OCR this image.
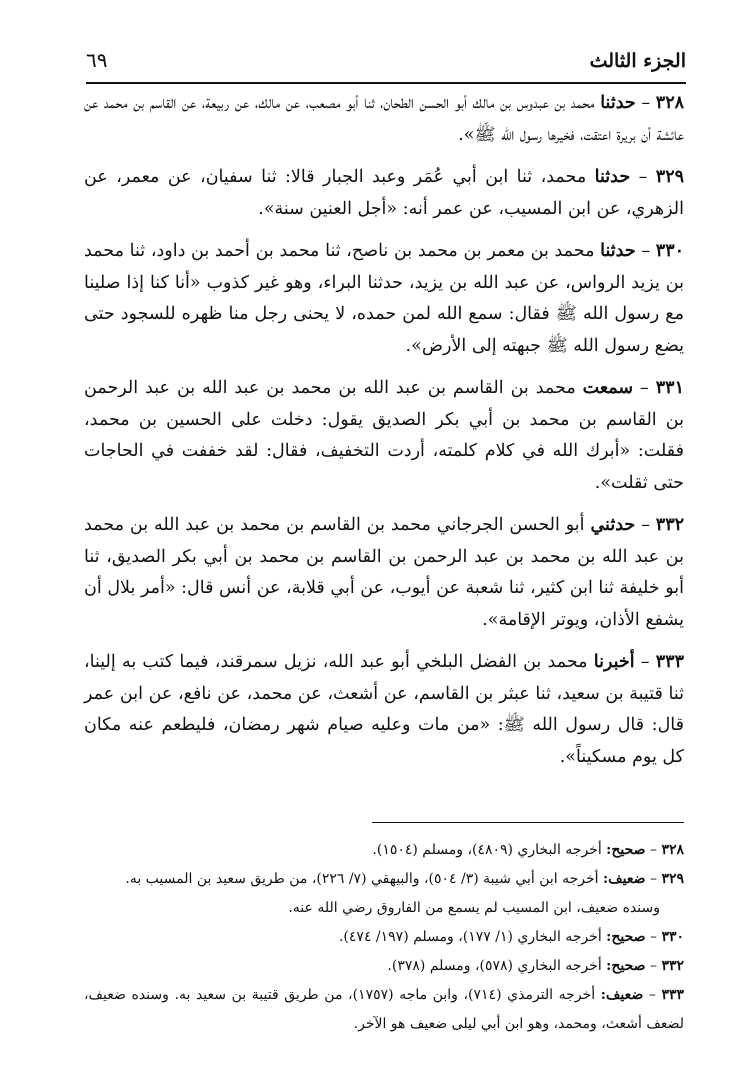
الجزء الثالث
٦٩

٣٢٨ – حدثنا محمد بن عبدوس بن مالك أبو الحسن الطحان، ثنا أبو مصعب، عن مالك، عن ربيعة، عن القاسم بن محمد عن عائشة أن بريرة اعتقت، فخيرها رسول الله ﷺ».

٣٢٩ – حدثنا محمد، ثنا ابن أبي عُمَر وعبد الجبار قالا: ثنا سفيان، عن معمر، عن الزهري، عن ابن المسيب، عن عمر أنه: «أجل العنين سنة».

٣٣٠ – حدثنا محمد بن معمر بن محمد بن ناصح، ثنا محمد بن أحمد بن داود، ثنا محمد بن يزيد الرواس، عن عبد الله بن يزيد، حدثنا البراء، وهو غير كذوب «أنا كنا إذا صلينا مع رسول الله ﷺ فقال: سمع الله لمن حمده، لا يحنى رجل منا ظهره للسجود حتى يضع رسول الله ﷺ جبهته إلى الأرض».

٣٣١ – سمعت محمد بن القاسم بن عبد الله بن محمد بن عبد الله بن عبد الرحمن بن القاسم بن محمد بن أبي بكر الصديق يقول: دخلت على الحسين بن محمد، فقلت: «أبرك الله في كلام كلمته، أردت التخفيف، فقال: لقد خففت في الحاجات حتى ثقلت».

٣٣٢ – حدثني أبو الحسن الجرجاني محمد بن القاسم بن محمد بن عبد الله بن محمد بن عبد الله بن محمد بن عبد الرحمن بن القاسم بن محمد بن أبي بكر الصديق، ثنا أبو خليفة ثنا ابن كثير، ثنا شعبة عن أيوب، عن أبي قلابة، عن أنس قال: «أمر بلال أن يشفع الأذان، ويوتر الإقامة».

٣٣٣ – أخبرنا محمد بن الفضل البلخي أبو عبد الله، نزيل سمرقند، فيما كتب به إلينا، ثنا قتيبة بن سعيد، ثنا عبثر بن القاسم، عن أشعث، عن محمد، عن نافع، عن ابن عمر قال: قال رسول الله ﷺ: «من مات وعليه صيام شهر رمضان، فليطعم عنه مكان كل يوم مسكيناً».

٣٢٨ – صحيح: أخرجه البخاري (٤٨٠٩)، ومسلم (١٥٠٤).

٣٢٩ – ضعيف: أخرجه ابن أبي شيبة (٣/ ٥٠٤)، والبيهقي (٧/ ٢٢٦)، من طريق سعيد بن المسيب به.
وسنده ضعيف، ابن المسيب لم يسمع من الفاروق رضي الله عنه.

٣٣٠ – صحيح: أخرجه البخاري (١/ ١٧٧)، ومسلم (١٩٧/ ٤٧٤).

٣٣٢ – صحيح: أخرجه البخاري (٥٧٨)، ومسلم (٣٧٨).

٣٣٣ – ضعيف: أخرجه الترمذي (٧١٤)، وابن ماجه (١٧٥٧)، من طريق قتيبة بن سعيد به. وسنده ضعيف، لضعف أشعث، ومحمد، وهو ابن أبي ليلى ضعيف هو الآخر.
